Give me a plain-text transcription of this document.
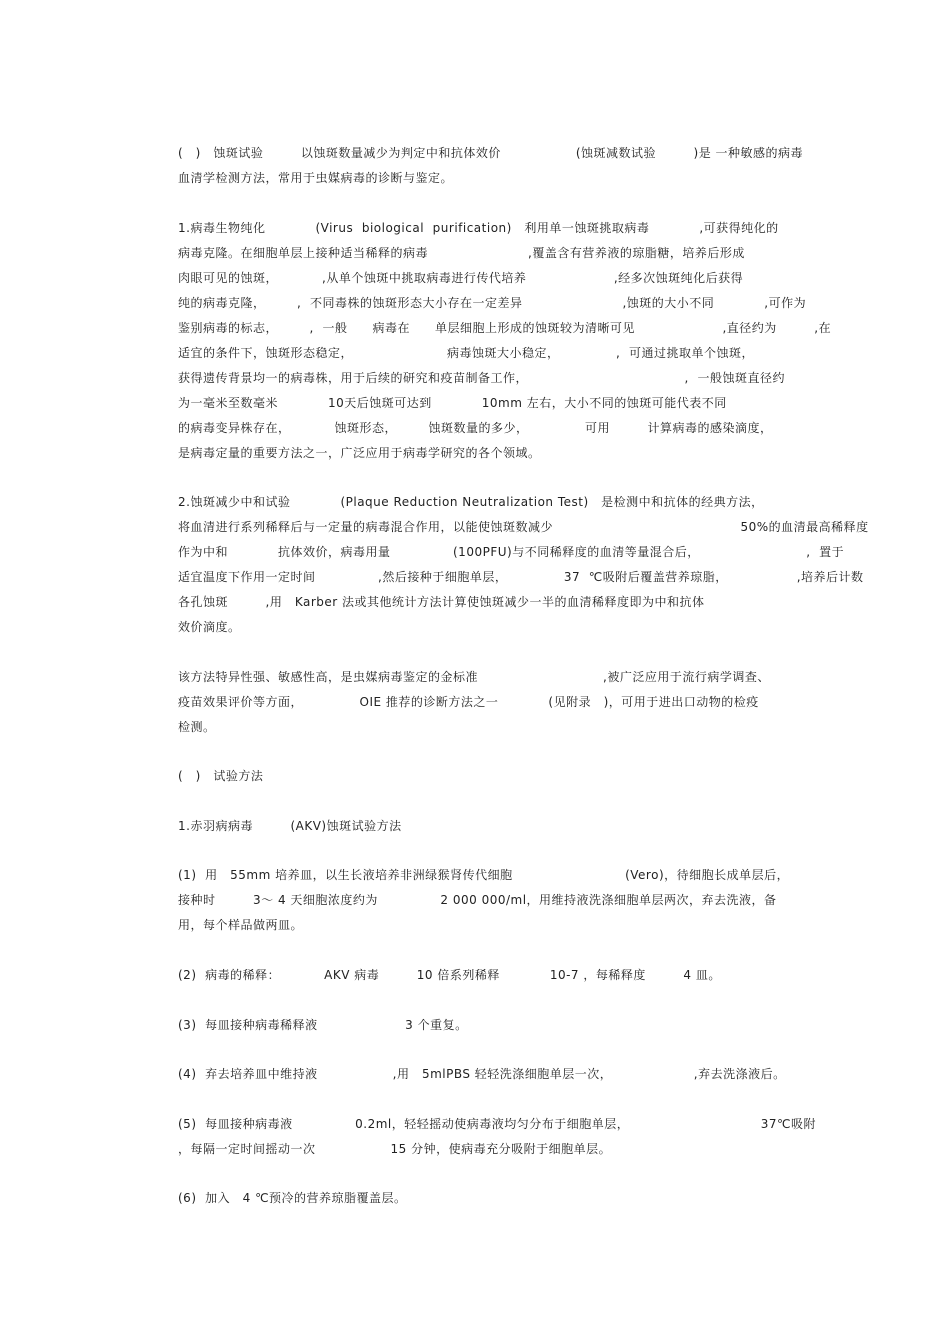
(　)　蚀斑试验　　　以蚀斑数量减少为判定中和抗体效价　　　　　　(蚀斑减数试验　　　)是 一种敏感的病毒
血清学检测方法，常用于虫媒病毒的诊断与鉴定。
1.病毒生物纯化　　　　(Virus  biological  purification)　利用单一蚀斑挑取病毒　　　　,可获得纯化的
病毒克隆。在细胞单层上接种适当稀释的病毒　　　　　　　　,覆盖含有营养液的琼脂糖，培养后形成
肉眼可见的蚀斑，　　　　,从单个蚀斑中挑取病毒进行传代培养　　　　　　　,经多次蚀斑纯化后获得
纯的病毒克隆，　　　,  不同毒株的蚀斑形态大小存在一定差异　　　　　　　　,蚀斑的大小不同　　　　,可作为
鉴别病毒的标志，　　　,  一般　　病毒在　　单层细胞上形成的蚀斑较为清晰可见　　　　　　　,直径约为　　　,在
适宜的条件下，蚀斑形态稳定，　　　　　　　　病毒蚀斑大小稳定，　　　　　,  可通过挑取单个蚀斑，
获得遗传背景均一的病毒株，用于后续的研究和疫苗制备工作，　　　　　　　　　　　　　,  一般蚀斑直径约
为一毫米至数毫米　　　　10天后蚀斑可达到　　　　10mm 左右，大小不同的蚀斑可能代表不同
的病毒变异株存在，　　　　蚀斑形态，　　　蚀斑数量的多少，　　　　　可用　　　计算病毒的感染滴度，
是病毒定量的重要方法之一，广泛应用于病毒学研究的各个领域。
2.蚀斑减少中和试验　　　　(Plaque Reduction Neutralization Test)　是检测中和抗体的经典方法，
将血清进行系列稀释后与一定量的病毒混合作用，以能使蚀斑数减少　　　　　　　　　　　　　　　50%的血清最高稀释度
作为中和　　　　抗体效价，病毒用量　　　　　(100PFU)与不同稀释度的血清等量混合后，　　　　　　　　　,  置于
适宜温度下作用一定时间　　　　　,然后接种于细胞单层，　　　　　37  ℃吸附后覆盖营养琼脂，　　　　　　,培养后计数
各孔蚀斑　　　,用　Karber 法或其他统计方法计算使蚀斑减少一半的血清稀释度即为中和抗体
效价滴度。
该方法特异性强、敏感性高，是虫媒病毒鉴定的金标准　　　　　　　　　　,被广泛应用于流行病学调查、
疫苗效果评价等方面，　　　　　OIE 推荐的诊断方法之一　　　　(见附录　)，可用于进出口动物的检疫
检测。
(　)　试验方法
1.赤羽病病毒　　　(AKV)蚀斑试验方法
(1)  用　55mm 培养皿，以生长液培养非洲绿猴肾传代细胞　　　　　　　　　(Vero)，待细胞长成单层后，
接种时　　　3～ 4 天细胞浓度约为　　　　　2 000 000/ml，用维持液洗涤细胞单层两次，弃去洗液，备
用，每个样品做两皿。
(2)  病毒的稀释：　　　　AKV 病毒　　　10 倍系列稀释　　　　10-7 ，每稀释度　　　4 皿。
(3)  每皿接种病毒稀释液　　　　　　　3 个重复。
(4)  弃去培养皿中维持液　　　　　　,用　5mlPBS 轻轻洗涤细胞单层一次，　　　　　　　,弃去洗涤液后。
(5)  每皿接种病毒液　　　　　0.2ml，轻轻摇动使病毒液均匀分布于细胞单层，　　　　　　　　　　　37℃吸附
，每隔一定时间摇动一次　　　　　　15 分钟，使病毒充分吸附于细胞单层。
(6)  加入　4 ℃预冷的营养琼脂覆盖层。
